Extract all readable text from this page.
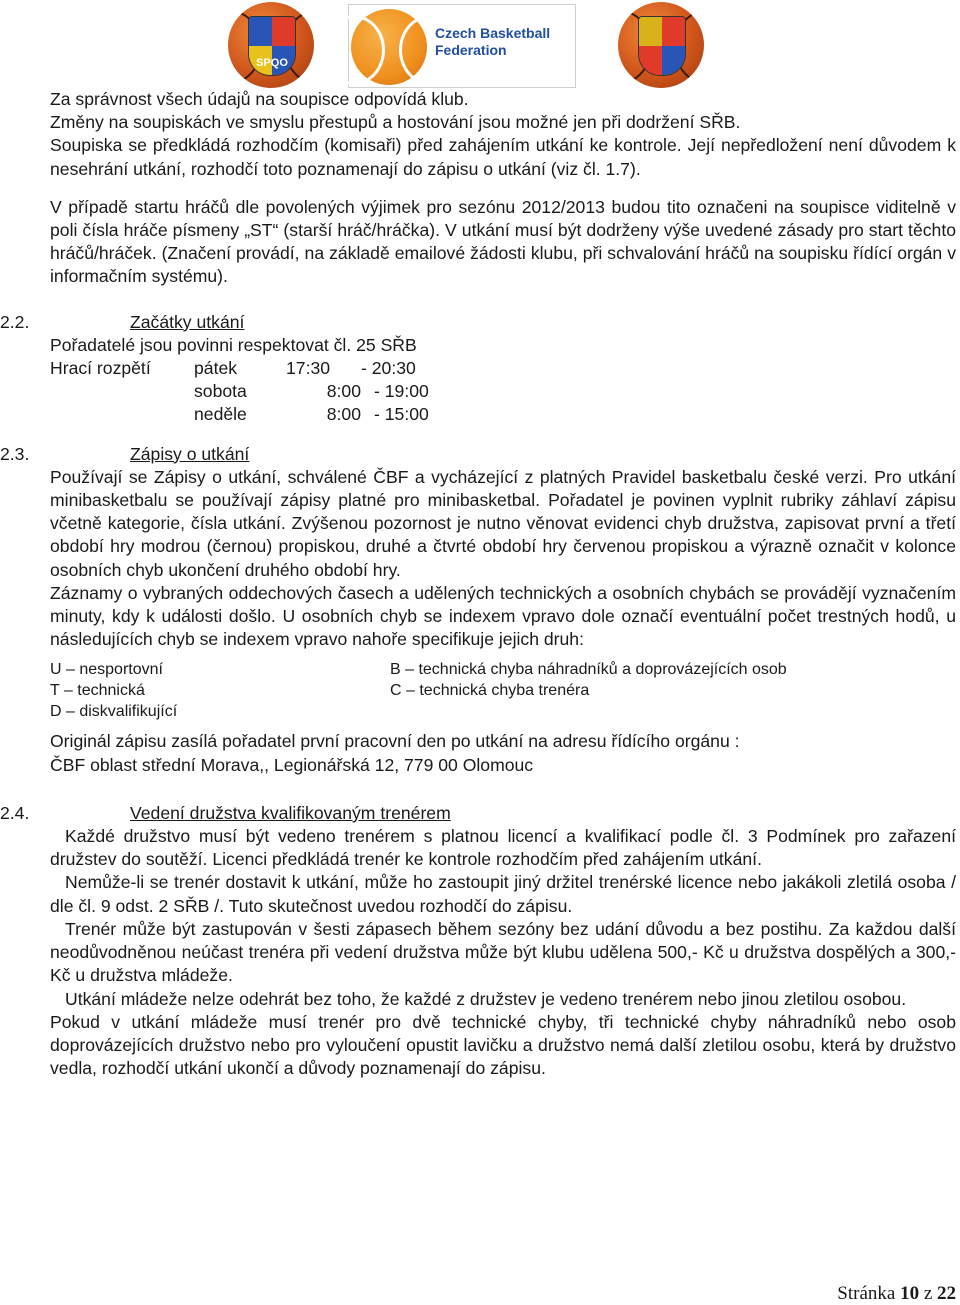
SPQO
Czech Basketball
Federation

Za správnost všech údajů na soupisce odpovídá klub.

Změny na soupiskách ve smyslu přestupů a hostování jsou možné jen při dodržení SŘB.

Soupiska se předkládá rozhodčím (komisaři) před zahájením utkání ke kontrole. Její nepředložení není důvodem k nesehrání utkání, rozhodčí toto poznamenají do zápisu o utkání (viz čl. 1.7).

V případě startu hráčů dle povolených výjimek pro sezónu 2012/2013 budou tito označeni na soupisce viditelně v poli čísla hráče písmeny „ST“ (starší hráč/hráčka). V utkání musí být dodrženy výše uvedené zásady pro start těchto hráčů/hráček. (Značení provádí, na základě emailové žádosti klubu, při schvalování hráčů na soupisku řídící orgán v informačním systému).

2.2.	Začátky utkání

Pořadatelé jsou povinni respektovat čl. 25 SŘB

Hrací rozpětí	pátek	17:30	- 20:30
sobota	8:00 - 19:00
neděle	8:00 - 15:00
2.3.	Zápisy o utkání

Používají se Zápisy o utkání, schválené ČBF a vycházející z platných Pravidel basketbalu české verzi. Pro utkání minibasketbalu se používají zápisy platné pro minibasketbal. Pořadatel je povinen vyplnit rubriky záhlaví zápisu včetně kategorie, čísla utkání. Zvýšenou pozornost je nutno věnovat evidenci chyb družstva, zapisovat první a třetí období hry modrou (černou) propiskou, druhé a čtvrté období hry červenou propiskou a výrazně označit v kolonce osobních chyb ukončení druhého období hry.

Záznamy o vybraných oddechových časech a udělených technických a osobních chybách se provádějí vyznačením minuty, kdy k události došlo. U osobních chyb se indexem vpravo dole označí eventuální počet trestných hodů, u následujících chyb se indexem vpravo nahoře specifikuje jejich druh:

U – nesportovní
T – technická
D – diskvalifikující
B – technická chyba náhradníků a doprovázejících osob
C – technická chyba trenéra

Originál zápisu zasílá pořadatel první pracovní den po utkání na adresu řídícího orgánu :

ČBF oblast střední Morava,, Legionářská 12, 779 00 Olomouc

2.4.	Vedení družstva kvalifikovaným trenérem

Každé družstvo musí být vedeno trenérem s platnou licencí a kvalifikací podle čl. 3 Podmínek pro zařazení družstev do soutěží. Licenci předkládá trenér ke kontrole rozhodčím před zahájením utkání.

Nemůže-li se trenér dostavit k utkání, může ho zastoupit jiný držitel trenérské licence nebo jakákoli zletilá osoba / dle čl. 9 odst. 2 SŘB /. Tuto skutečnost uvedou rozhodčí do zápisu.

Trenér může být zastupován v šesti zápasech během sezóny bez udání důvodu a bez postihu. Za každou další neodůvodněnou neúčast trenéra při vedení družstva může být klubu udělena 500,- Kč u družstva dospělých a 300,- Kč u družstva mládeže.

Utkání mládeže nelze odehrát bez toho, že každé z družstev je vedeno trenérem nebo jinou zletilou osobou.

Pokud v utkání mládeže musí trenér pro dvě technické chyby, tři technické chyby náhradníků nebo osob doprovázejících družstvo nebo pro vyloučení opustit lavičku a družstvo nemá další zletilou osobu, která by družstvo vedla, rozhodčí utkání ukončí a důvody poznamenají do zápisu.

Stránka 10 z 22
